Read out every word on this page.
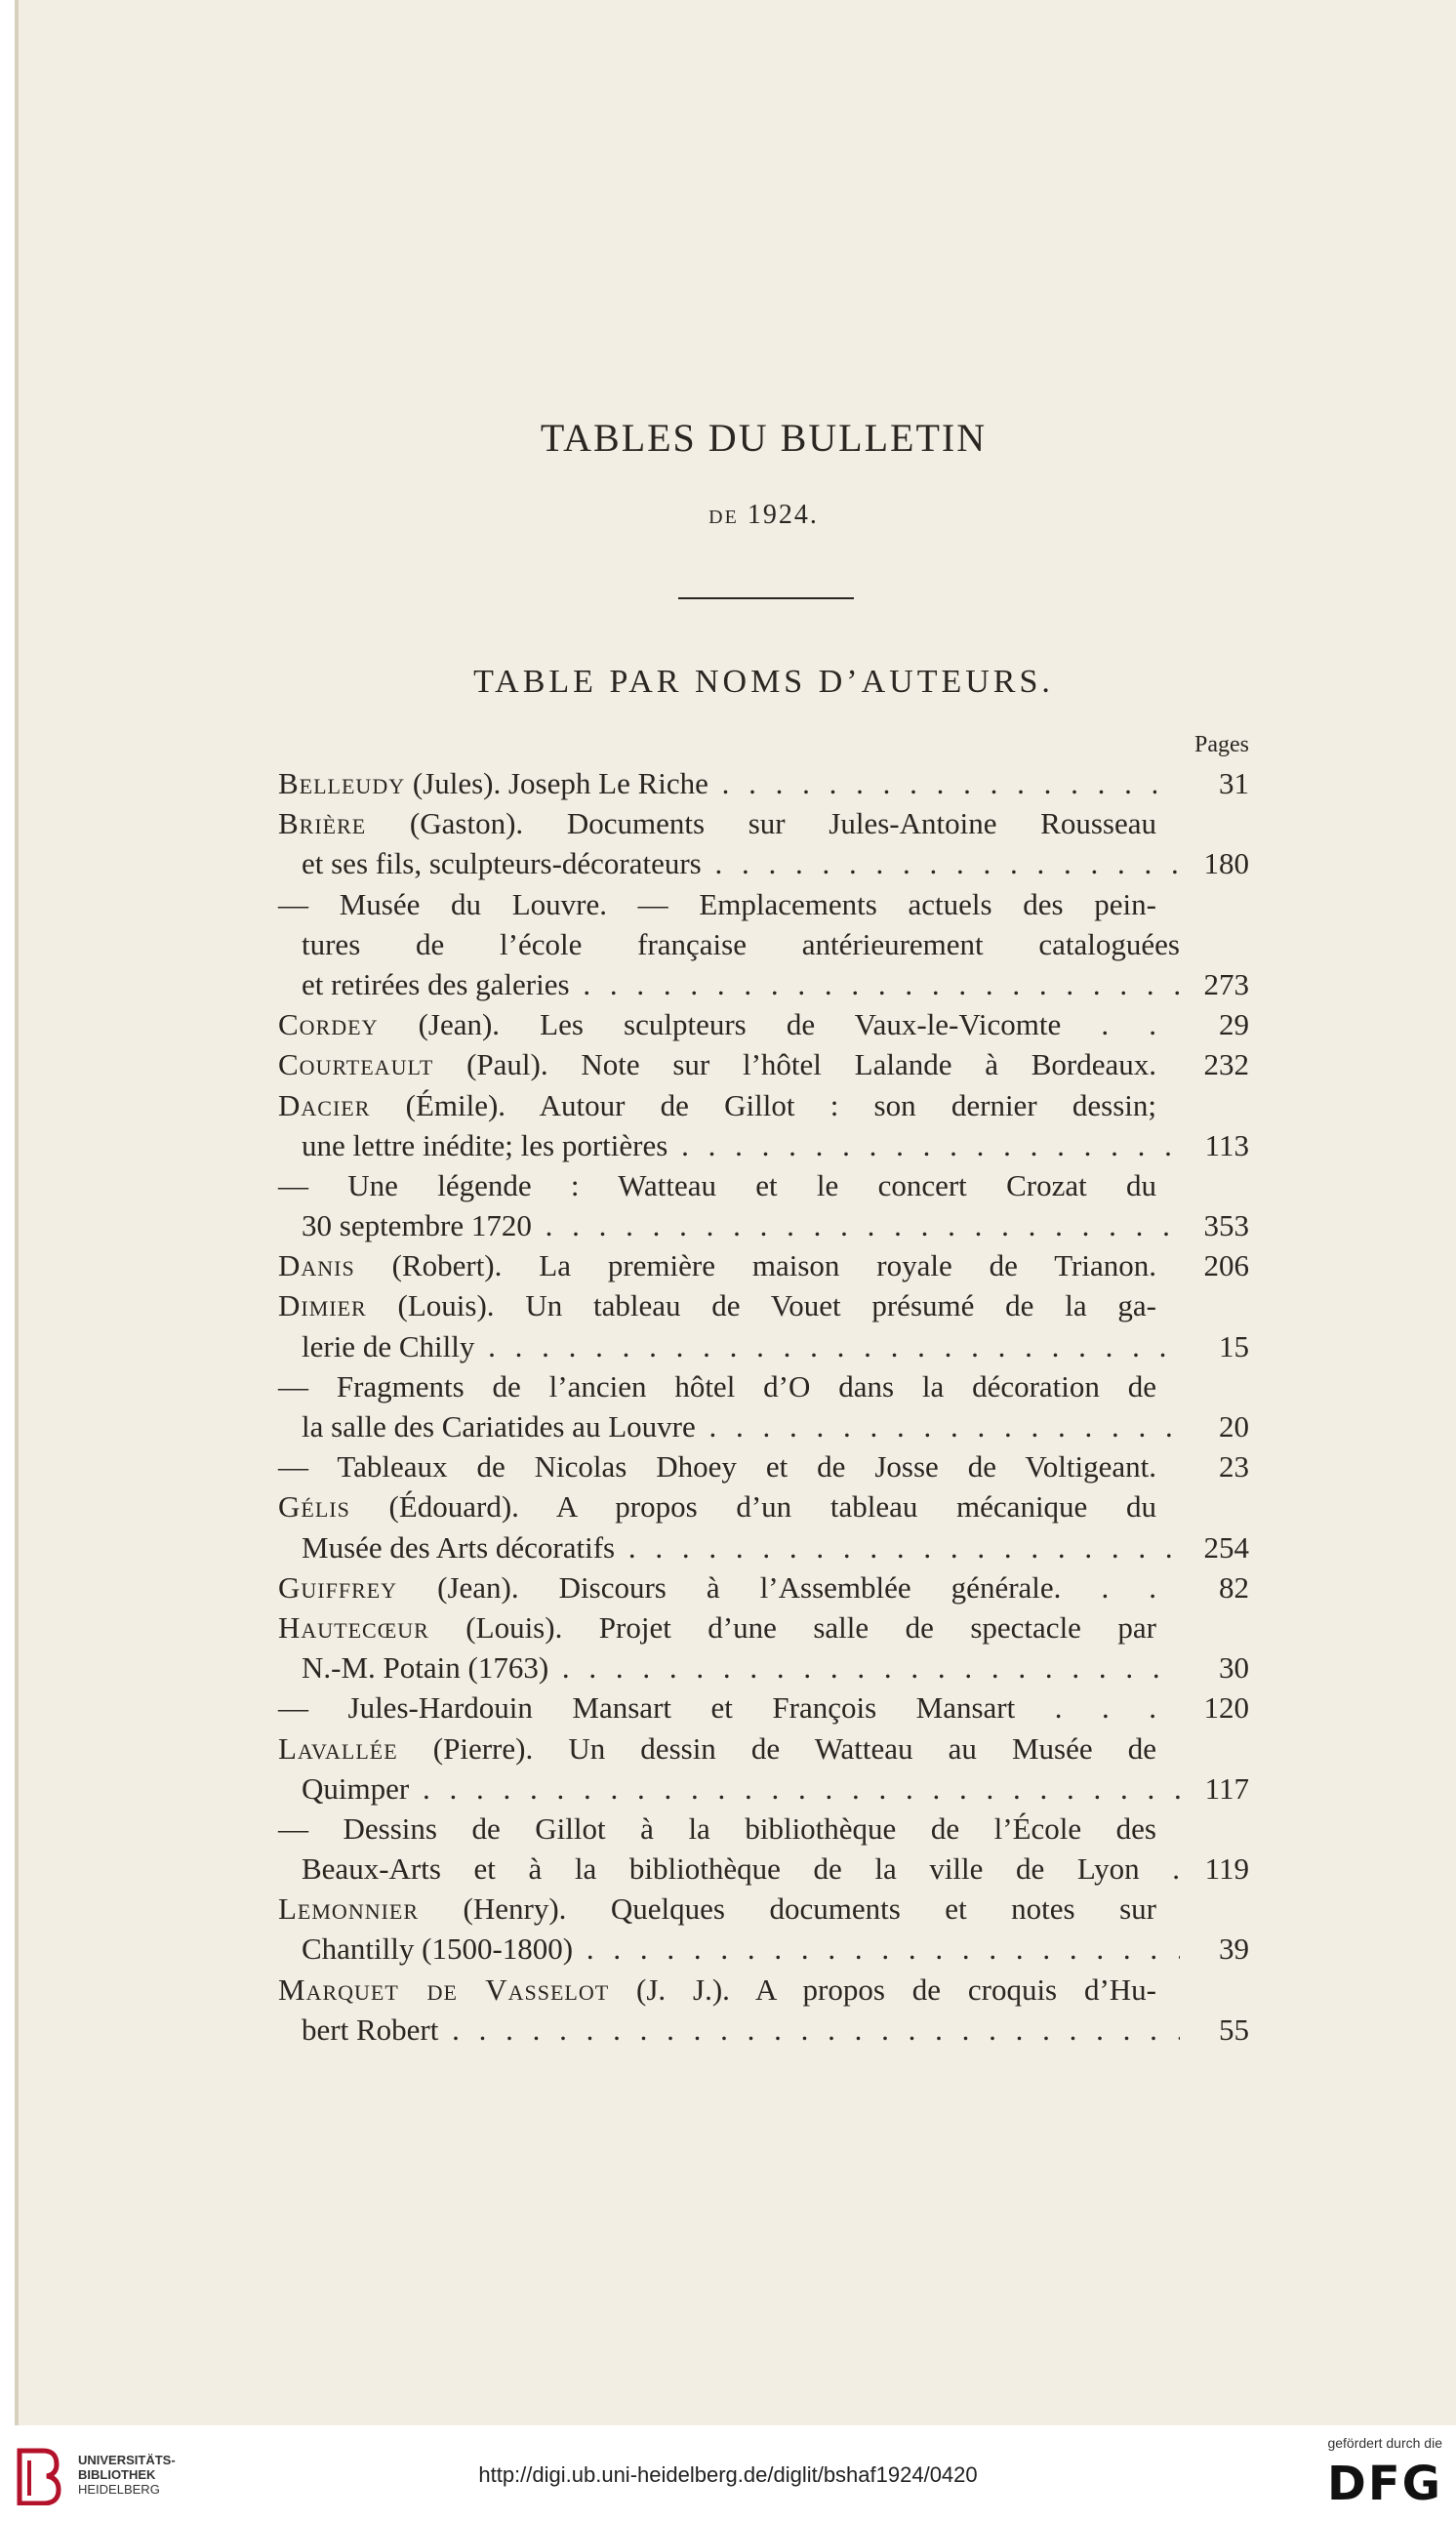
TABLES DU BULLETIN
DE 1924.
TABLE PAR NOMS D’AUTEURS.
Pages
Belleudy (Jules). Joseph Le Riche . . .	31
Brière (Gaston). Documents sur Jules-Antoine Rousseau
et ses fils, sculpteurs-décorateurs . . .	180
— Musée du Louvre. — Emplacements actuels des pein-
tures de l’école française antérieurement cataloguées
et retirées des galeries . . .	273
Cordey (Jean). Les sculpteurs de Vaux-le-Vicomte . .	29
Courteault (Paul). Note sur l’hôtel Lalande à Bordeaux.	232
Dacier (Émile). Autour de Gillot : son dernier dessin;
une lettre inédite; les portières . . .	113
— Une légende : Watteau et le concert Crozat du
30 septembre 1720 . . .	353
Danis (Robert). La première maison royale de Trianon.	206
Dimier (Louis). Un tableau de Vouet présumé de la ga-
lerie de Chilly . . .	15
— Fragments de l’ancien hôtel d’O dans la décoration de
la salle des Cariatides au Louvre . . .	20
— Tableaux de Nicolas Dhoey et de Josse de Voltigeant.	23
Gélis (Édouard). A propos d’un tableau mécanique du
Musée des Arts décoratifs . . .	254
Guiffrey (Jean). Discours à l’Assemblée générale. . .	82
Hautecœur (Louis). Projet d’une salle de spectacle par
N.-M. Potain (1763) . . .	30
— Jules-Hardouin Mansart et François Mansart . . .	120
Lavallée (Pierre). Un dessin de Watteau au Musée de
Quimper . . .	117
— Dessins de Gillot à la bibliothèque de l’École des
Beaux-Arts et à la bibliothèque de la ville de Lyon . 119
Lemonnier (Henry). Quelques documents et notes sur
Chantilly (1500-1800) . . .	39
Marquet de Vasselot (J. J.). A propos de croquis d’Hu-
bert Robert . . .	55
UNIVERSITÄTS-
BIBLIOTHEK
HEIDELBERG
http://digi.ub.uni-heidelberg.de/diglit/bshaf1924/0420
gefördert durch die
DFG
